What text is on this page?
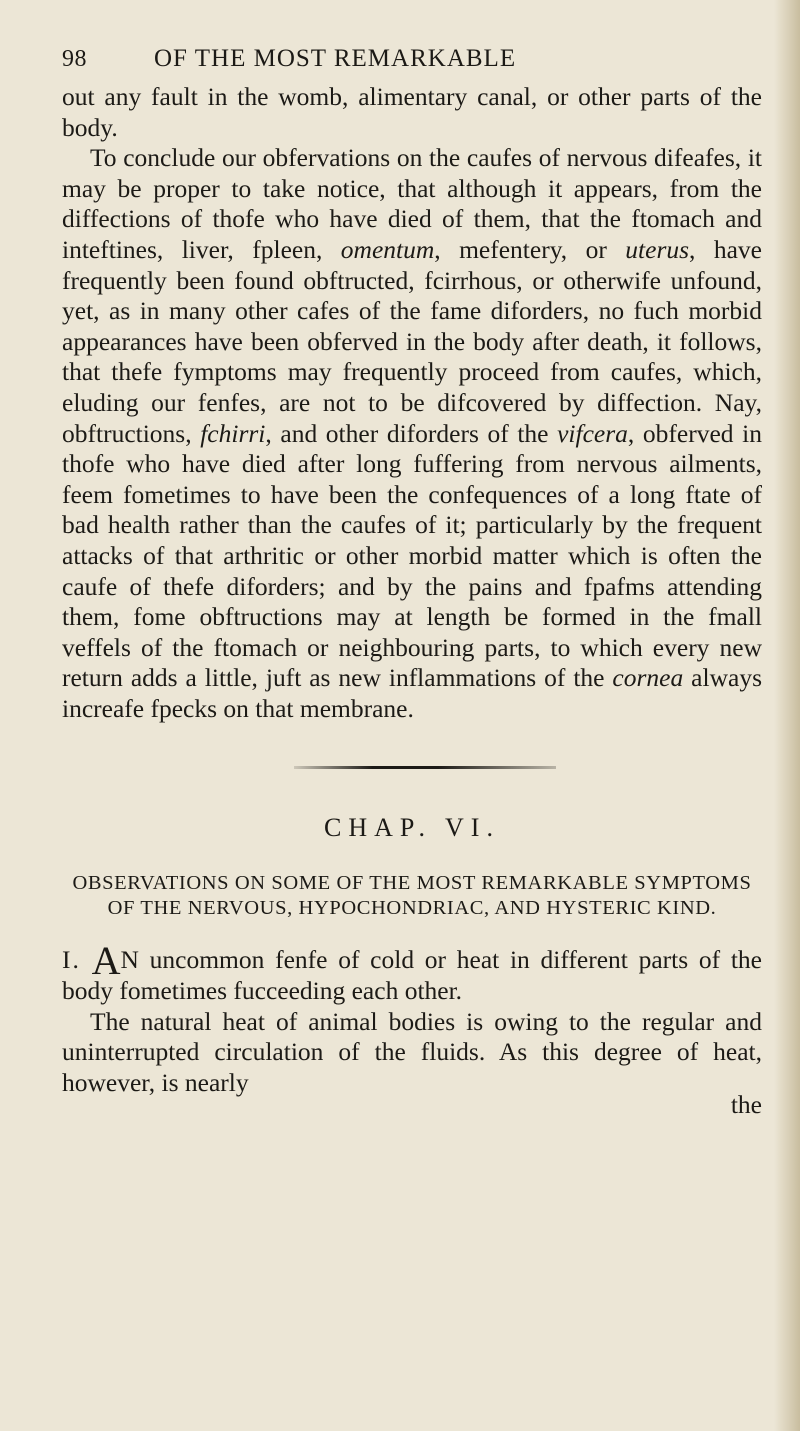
98	OF THE MOST REMARKABLE

out any fault in the womb, alimentary canal, or other parts of the body.

To conclude our obfervations on the caufes of nervous difeafes, it may be proper to take notice, that although it appears, from the diffections of thofe who have died of them, that the ftomach and inteftines, liver, fpleen, omentum, mefentery, or uterus, have frequently been found obftructed, fcirrhous, or otherwife unfound, yet, as in many other cafes of the fame diforders, no fuch morbid appearances have been obferved in the body after death, it follows, that thefe fymptoms may frequently proceed from caufes, which, eluding our fenfes, are not to be difcovered by diffection. Nay, obftructions, fchirri, and other diforders of the vifcera, obferved in thofe who have died after long fuffering from nervous ailments, feem fometimes to have been the confequences of a long ftate of bad health rather than the caufes of it; particularly by the frequent attacks of that arthritic or other morbid matter which is often the caufe of thefe diforders; and by the pains and fpafms attending them, fome obftructions may at length be formed in the fmall veffels of the ftomach or neighbouring parts, to which every new return adds a little, juft as new inflammations of the cornea always increafe fpecks on that membrane.

CHAP. VI.
OBSERVATIONS ON SOME OF THE MOST REMARKABLE SYMPTOMS OF THE NERVOUS, HYPOCHONDRIAC, AND HYSTERIC KIND.

I. AN uncommon fenfe of cold or heat in different parts of the body fometimes fucceeding each other.

The natural heat of animal bodies is owing to the regular and uninterrupted circulation of the fluids. As this degree of heat, however, is nearly

the
